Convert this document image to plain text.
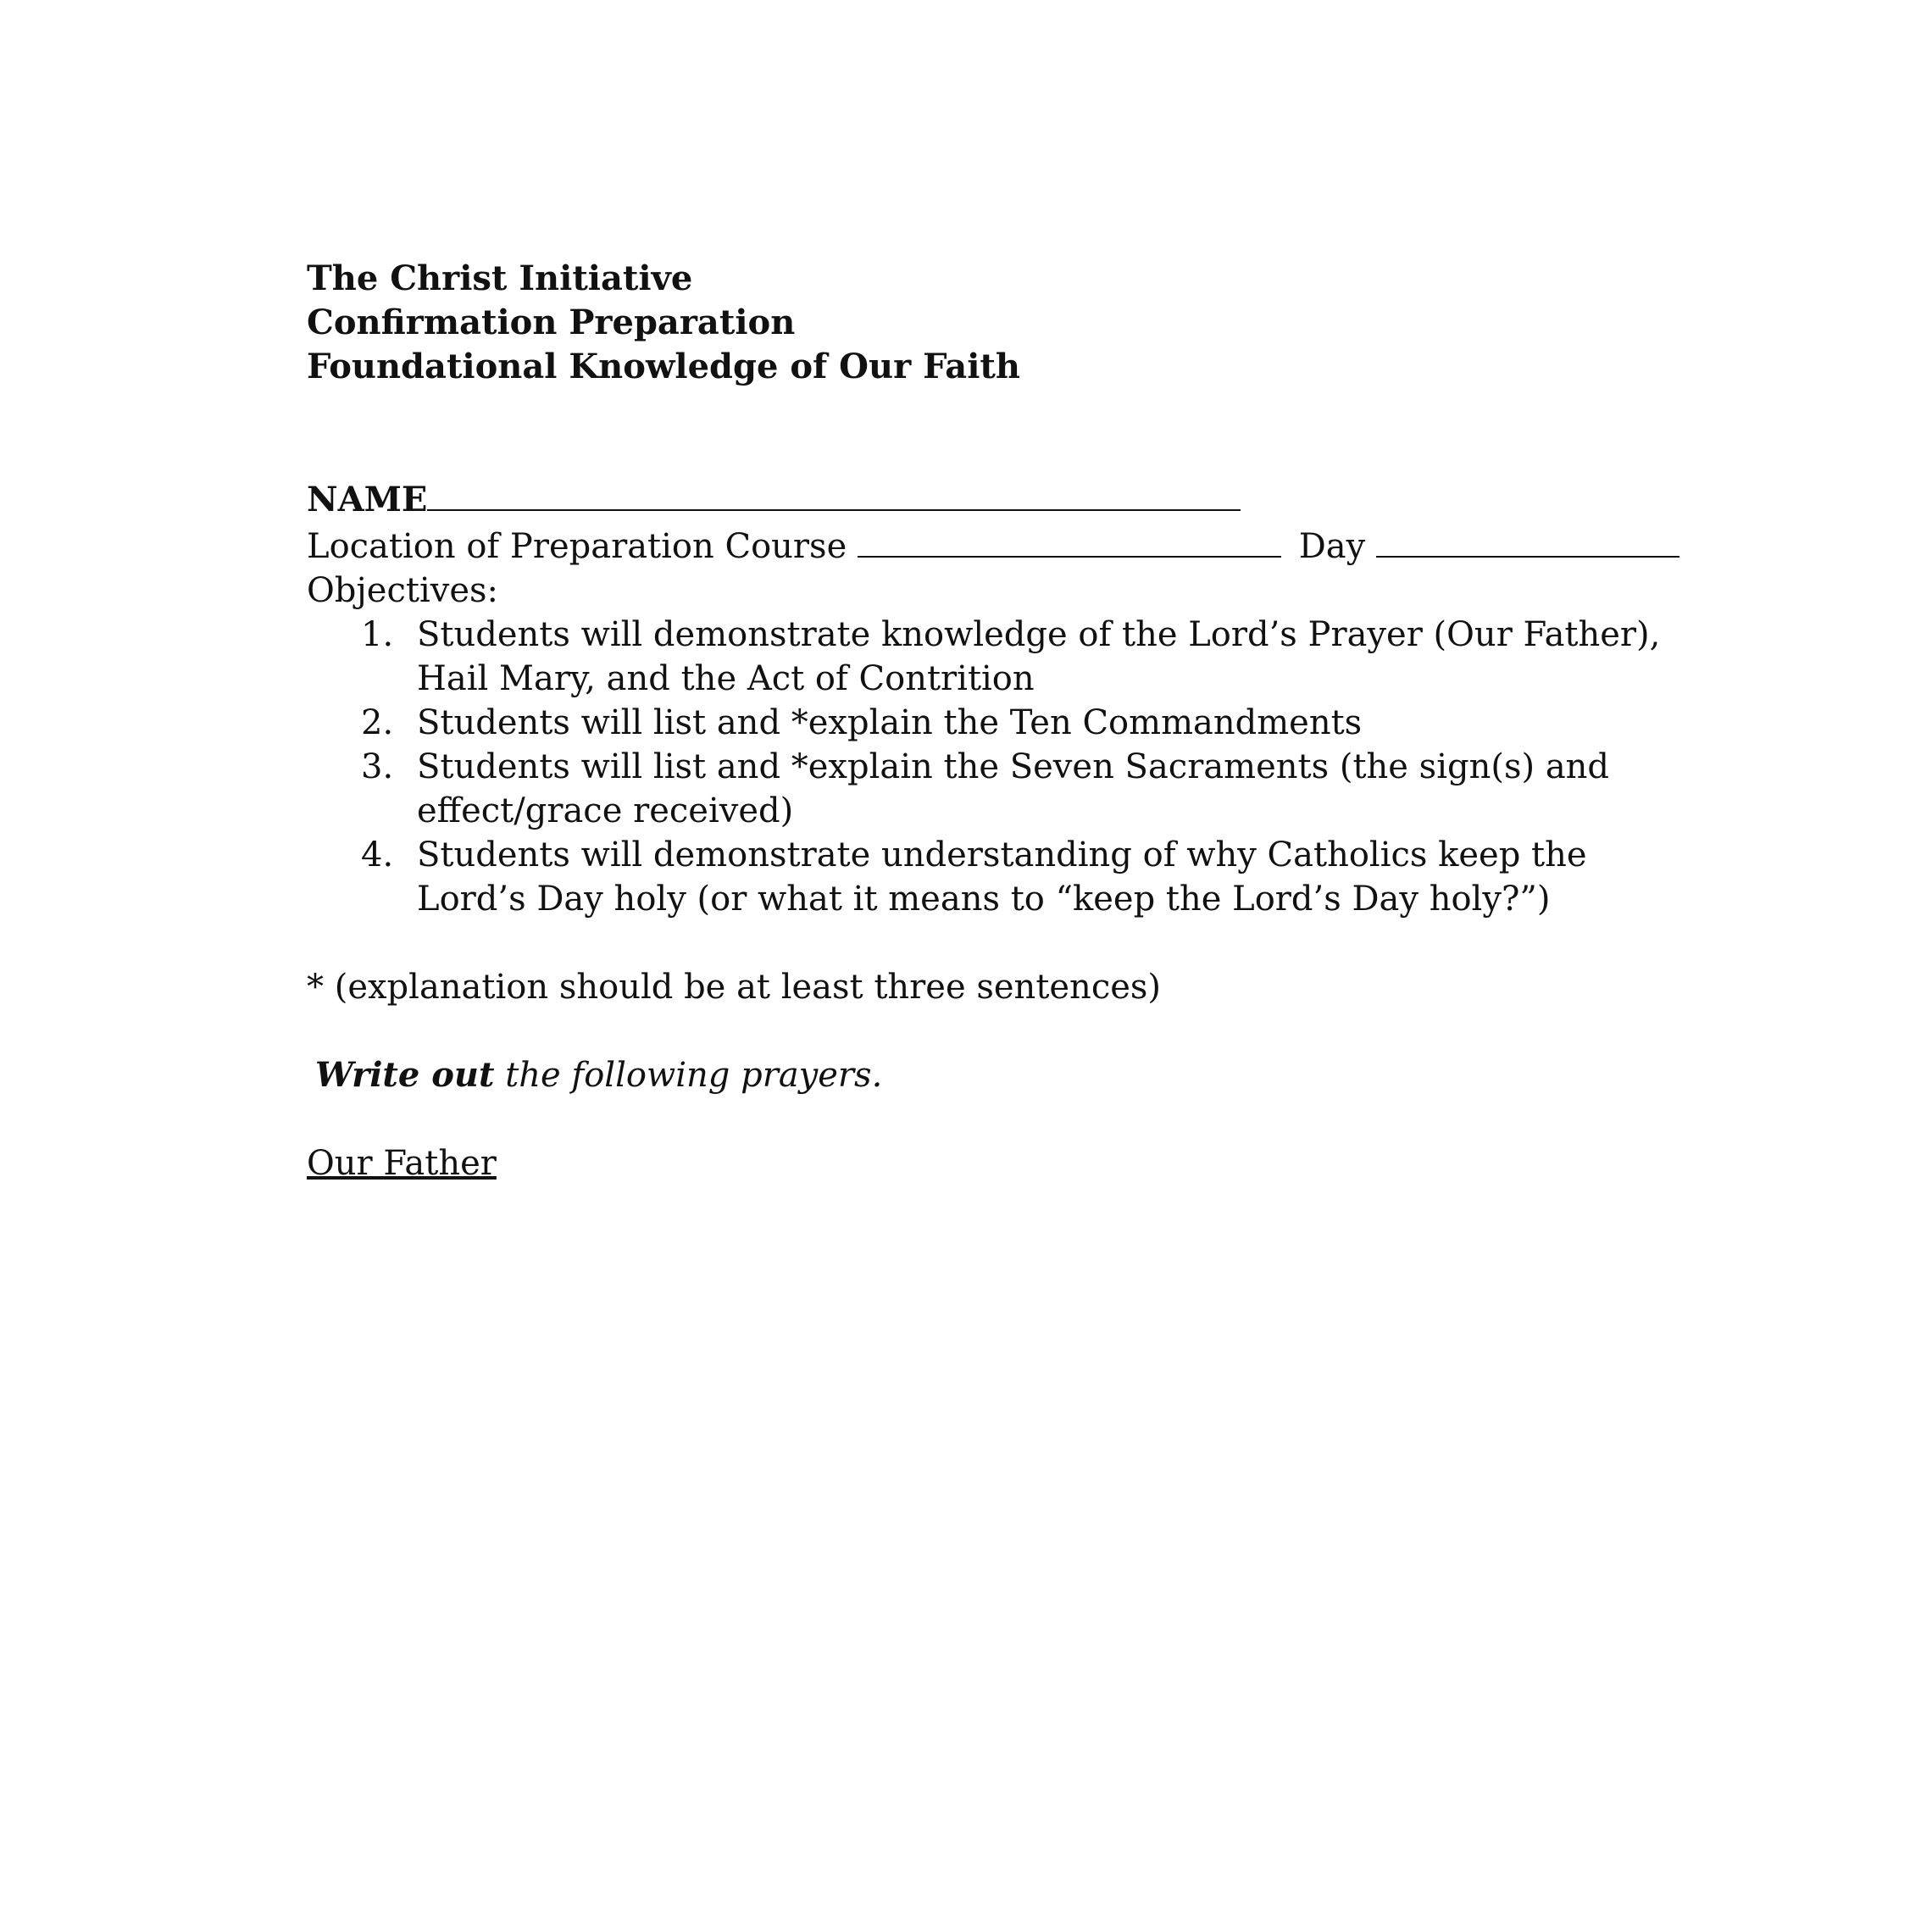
The Christ Initiative
Confirmation Preparation
Foundational Knowledge of Our Faith
NAME
Location of Preparation Course	Day
Objectives:
1. Students will demonstrate knowledge of the Lord’s Prayer (Our Father), Hail Mary, and the Act of Contrition
2. Students will list and *explain the Ten Commandments
3. Students will list and *explain the Seven Sacraments (the sign(s) and effect/grace received)
4. Students will demonstrate understanding of why Catholics keep the Lord’s Day holy (or what it means to “keep the Lord’s Day holy?”)
* (explanation should be at least three sentences)
Write out the following prayers.
Our Father
